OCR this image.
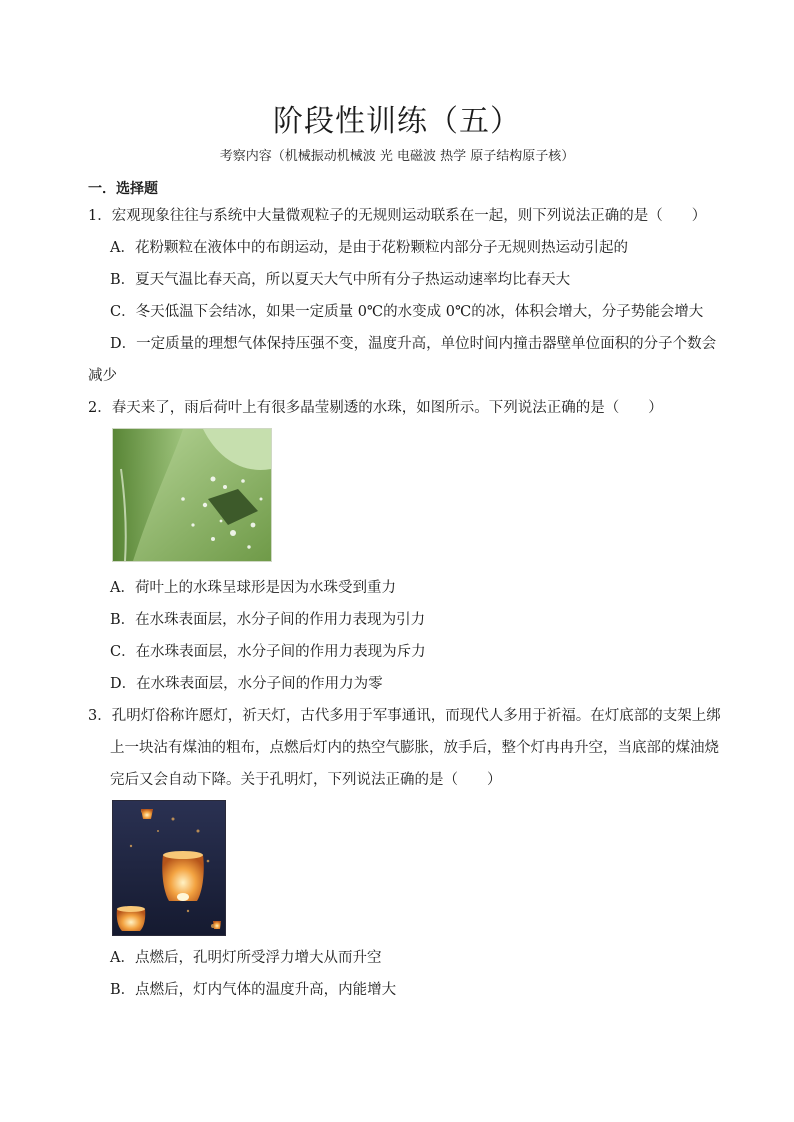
阶段性训练（五）
考察内容（机械振动机械波 光 电磁波 热学 原子结构原子核）
一．选择题
1．宏观现象往往与系统中大量微观粒子的无规则运动联系在一起，则下列说法正确的是（　　）
A．花粉颗粒在液体中的布朗运动，是由于花粉颗粒内部分子无规则热运动引起的
B．夏天气温比春天高，所以夏天大气中所有分子热运动速率均比春天大
C．冬天低温下会结冰，如果一定质量 0℃的水变成 0℃的冰，体积会增大，分子势能会增大
D．一定质量的理想气体保持压强不变，温度升高，单位时间内撞击器壁单位面积的分子个数会
减少
2．春天来了，雨后荷叶上有很多晶莹剔透的水珠，如图所示。下列说法正确的是（　　）
A．荷叶上的水珠呈球形是因为水珠受到重力
B．在水珠表面层，水分子间的作用力表现为引力
C．在水珠表面层，水分子间的作用力表现为斥力
D．在水珠表面层，水分子间的作用力为零
3．孔明灯俗称许愿灯，祈天灯，古代多用于军事通讯，而现代人多用于祈福。在灯底部的支架上绑
上一块沾有煤油的粗布，点燃后灯内的热空气膨胀，放手后，整个灯冉冉升空，当底部的煤油烧
完后又会自动下降。关于孔明灯，下列说法正确的是（　　）
A．点燃后，孔明灯所受浮力增大从而升空
B．点燃后，灯内气体的温度升高，内能增大
